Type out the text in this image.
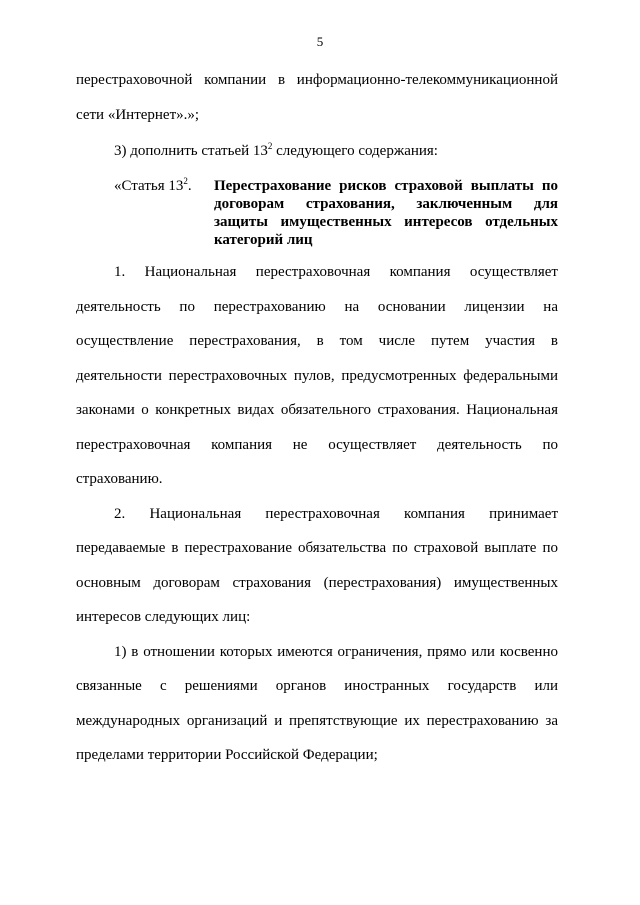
5
перестраховочной компании в информационно-телекоммуникационной
сети «Интернет».»;
3) дополнить статьей $13^2$ следующего содержания:
«Статья $13^2$. Перестрахование рисков страховой выплаты по
договорам страхования, заключенным для
защиты имущественных интересов отдельных
категорий лиц
1. Национальная перестраховочная компания осуществляет
деятельность по перестрахованию на основании лицензии на
осуществление перестрахования, в том числе путем участия в
деятельности перестраховочных пулов, предусмотренных федеральными
законами о конкретных видах обязательного страхования. Национальная
перестраховочная компания не осуществляет деятельность по
страхованию.
2. Национальная перестраховочная компания принимает
передаваемые в перестрахование обязательства по страховой выплате по
основным договорам страхования (перестрахования) имущественных
интересов следующих лиц:
1) в отношении которых имеются ограничения, прямо или косвенно
связанные с решениями органов иностранных государств или
международных организаций и препятствующие их перестрахованию за
пределами территории Российской Федерации;
